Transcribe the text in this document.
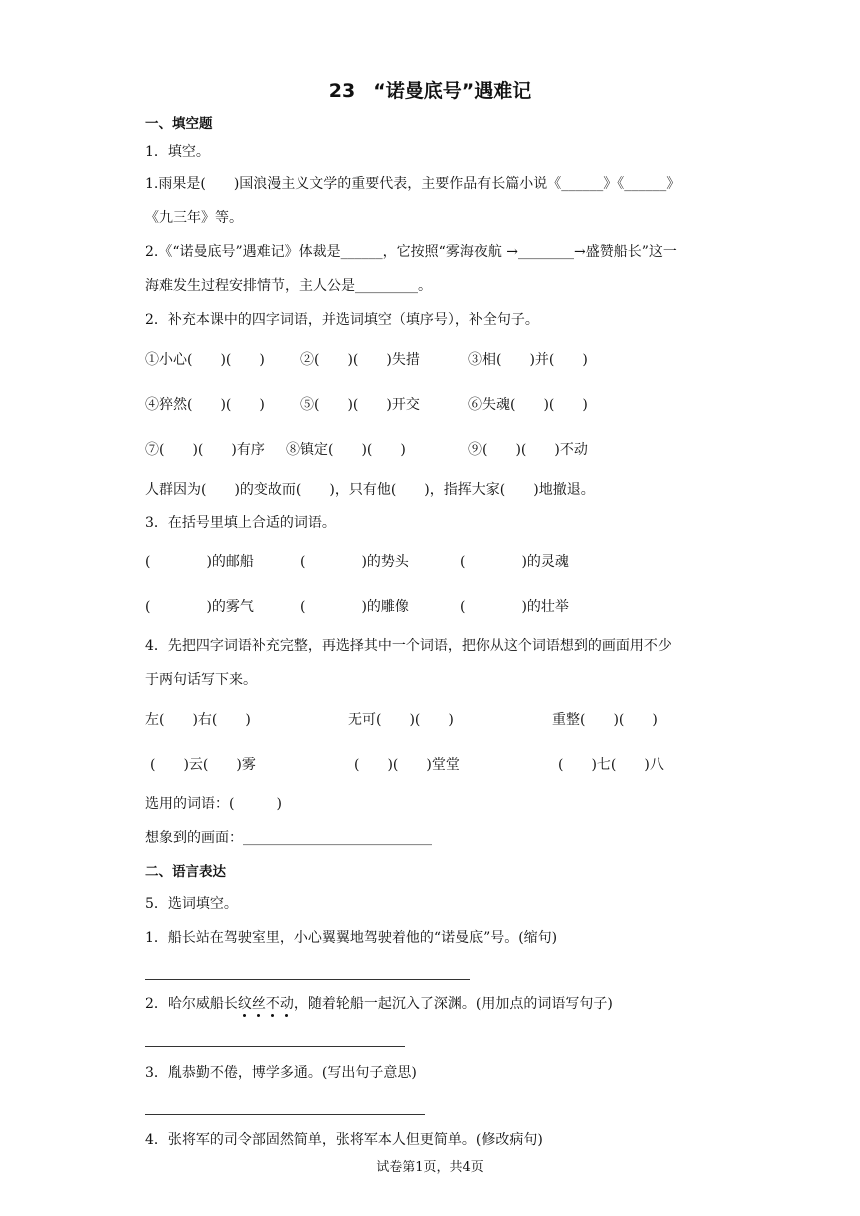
23 “诺曼底号”遇难记
一、填空题
1．填空。
1.雨果是(　　)国浪漫主义文学的重要代表，主要作品有长篇小说《______》《______》
《九三年》等。
2.《“诺曼底号”遇难记》体裁是______，它按照“雾海夜航 →________→盛赞船长”这一
海难发生过程安排情节，主人公是_________。
2．补充本课中的四字词语，并选词填空（填序号），补全句子。
①小心(　　)(　　)	②(　　)(　　)失措	③相(　　)并(　　)
④猝然(　　)(　　)	⑤(　　)(　　)开交	⑥失魂(　　)(　　)
⑦(　　)(　　)有序 ⑧镇定(　　)(　　)	⑨(　　)(　　)不动
人群因为(　　)的变故而(　　)，只有他(　　)，指挥大家(　　)地撤退。
3．在括号里填上合适的词语。
(　　　　)的邮船	(　　　　)的势头	(　　　　)的灵魂
(　　　　)的雾气	(　　　　)的雕像	(　　　　)的壮举
4．先把四字词语补充完整，再选择其中一个词语，把你从这个词语想到的画面用不少
于两句话写下来。
左(　　)右(　　)	无可(　　)(　　)	重整(　　)(　　)
(　　)云(　　)雾	(　　)(　　)堂堂	(　　)七(　　)八
选用的词语：(　　　)
想象到的画面：___________________________
二、语言表达
5．选词填空。
1．船长站在驾驶室里，小心翼翼地驾驶着他的“诺曼底”号。(缩句)
2．哈尔威船长纹丝不动，随着轮船一起沉入了深渊。(用加点的词语写句子)
3．胤恭勤不倦，博学多通。(写出句子意思)
4．张将军的司令部固然简单，张将军本人但更简单。(修改病句)
试卷第1页，共4页
